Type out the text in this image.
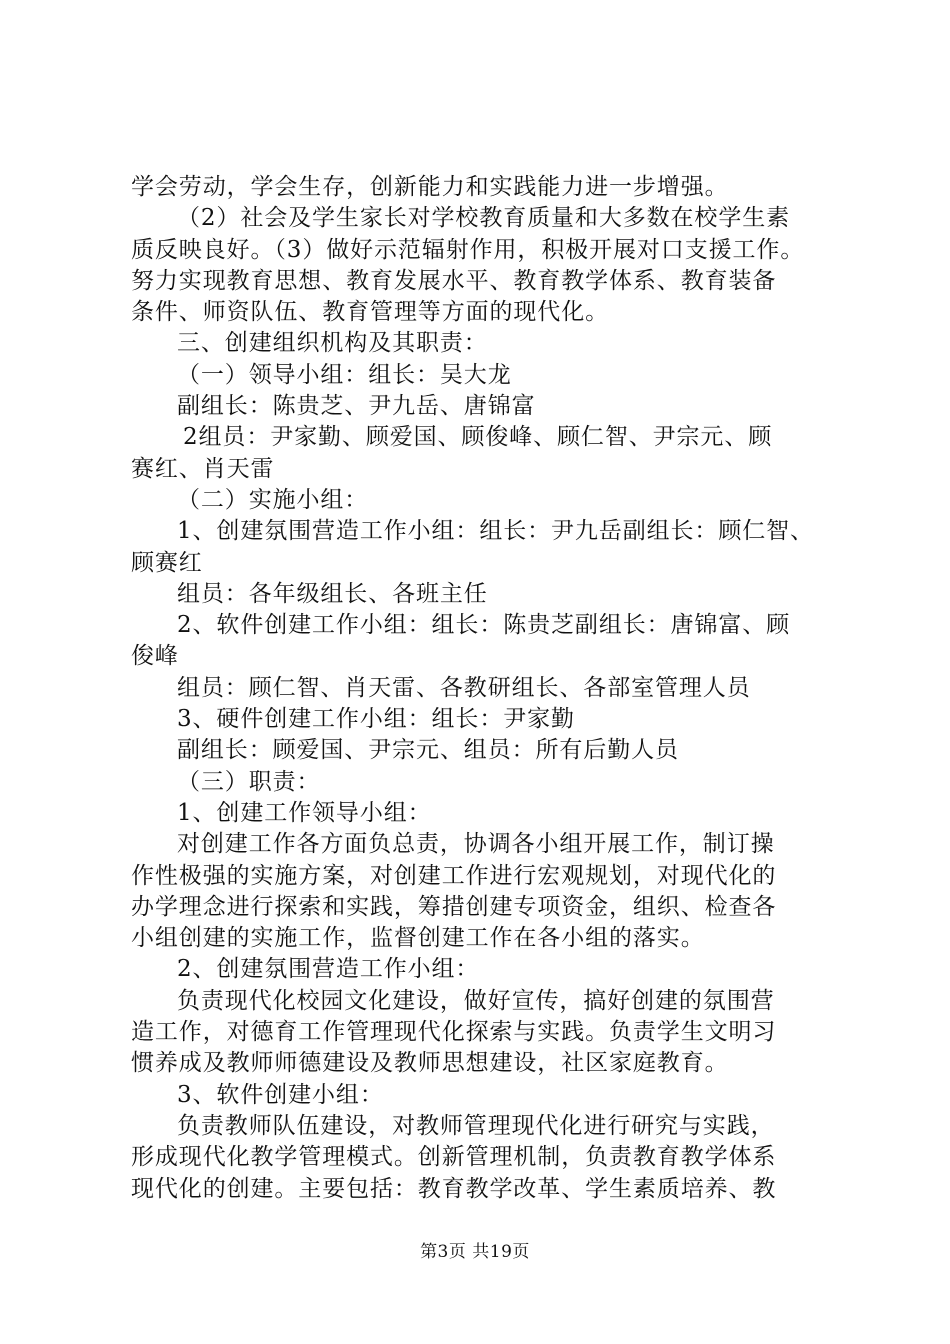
学会劳动，学会生存，创新能力和实践能力进一步增强。
（2）社会及学生家长对学校教育质量和大多数在校学生素
质反映良好。（3）做好示范辐射作用，积极开展对口支援工作。
努力实现教育思想、教育发展水平、教育教学体系、教育装备
条件、师资队伍、教育管理等方面的现代化。
三、创建组织机构及其职责：
（一）领导小组：组长：吴大龙
副组长：陈贵芝、尹九岳、唐锦富
2组员：尹家勤、顾爱国、顾俊峰、顾仁智、尹宗元、顾
赛红、肖天雷
（二）实施小组：
1、创建氛围营造工作小组：组长：尹九岳副组长：顾仁智、
顾赛红
组员：各年级组长、各班主任
2、软件创建工作小组：组长：陈贵芝副组长：唐锦富、顾
俊峰
组员：顾仁智、肖天雷、各教研组长、各部室管理人员
3、硬件创建工作小组：组长：尹家勤
副组长：顾爱国、尹宗元、组员：所有后勤人员
（三）职责：
1、创建工作领导小组：
对创建工作各方面负总责，协调各小组开展工作，制订操
作性极强的实施方案，对创建工作进行宏观规划，对现代化的
办学理念进行探索和实践，筹措创建专项资金，组织、检查各
小组创建的实施工作，监督创建工作在各小组的落实。
2、创建氛围营造工作小组：
负责现代化校园文化建设，做好宣传，搞好创建的氛围营
造工作，对德育工作管理现代化探索与实践。负责学生文明习
惯养成及教师师德建设及教师思想建设，社区家庭教育。
3、软件创建小组：
负责教师队伍建设，对教师管理现代化进行研究与实践，
形成现代化教学管理模式。创新管理机制，负责教育教学体系
现代化的创建。主要包括：教育教学改革、学生素质培养、教
第3页 共19页
